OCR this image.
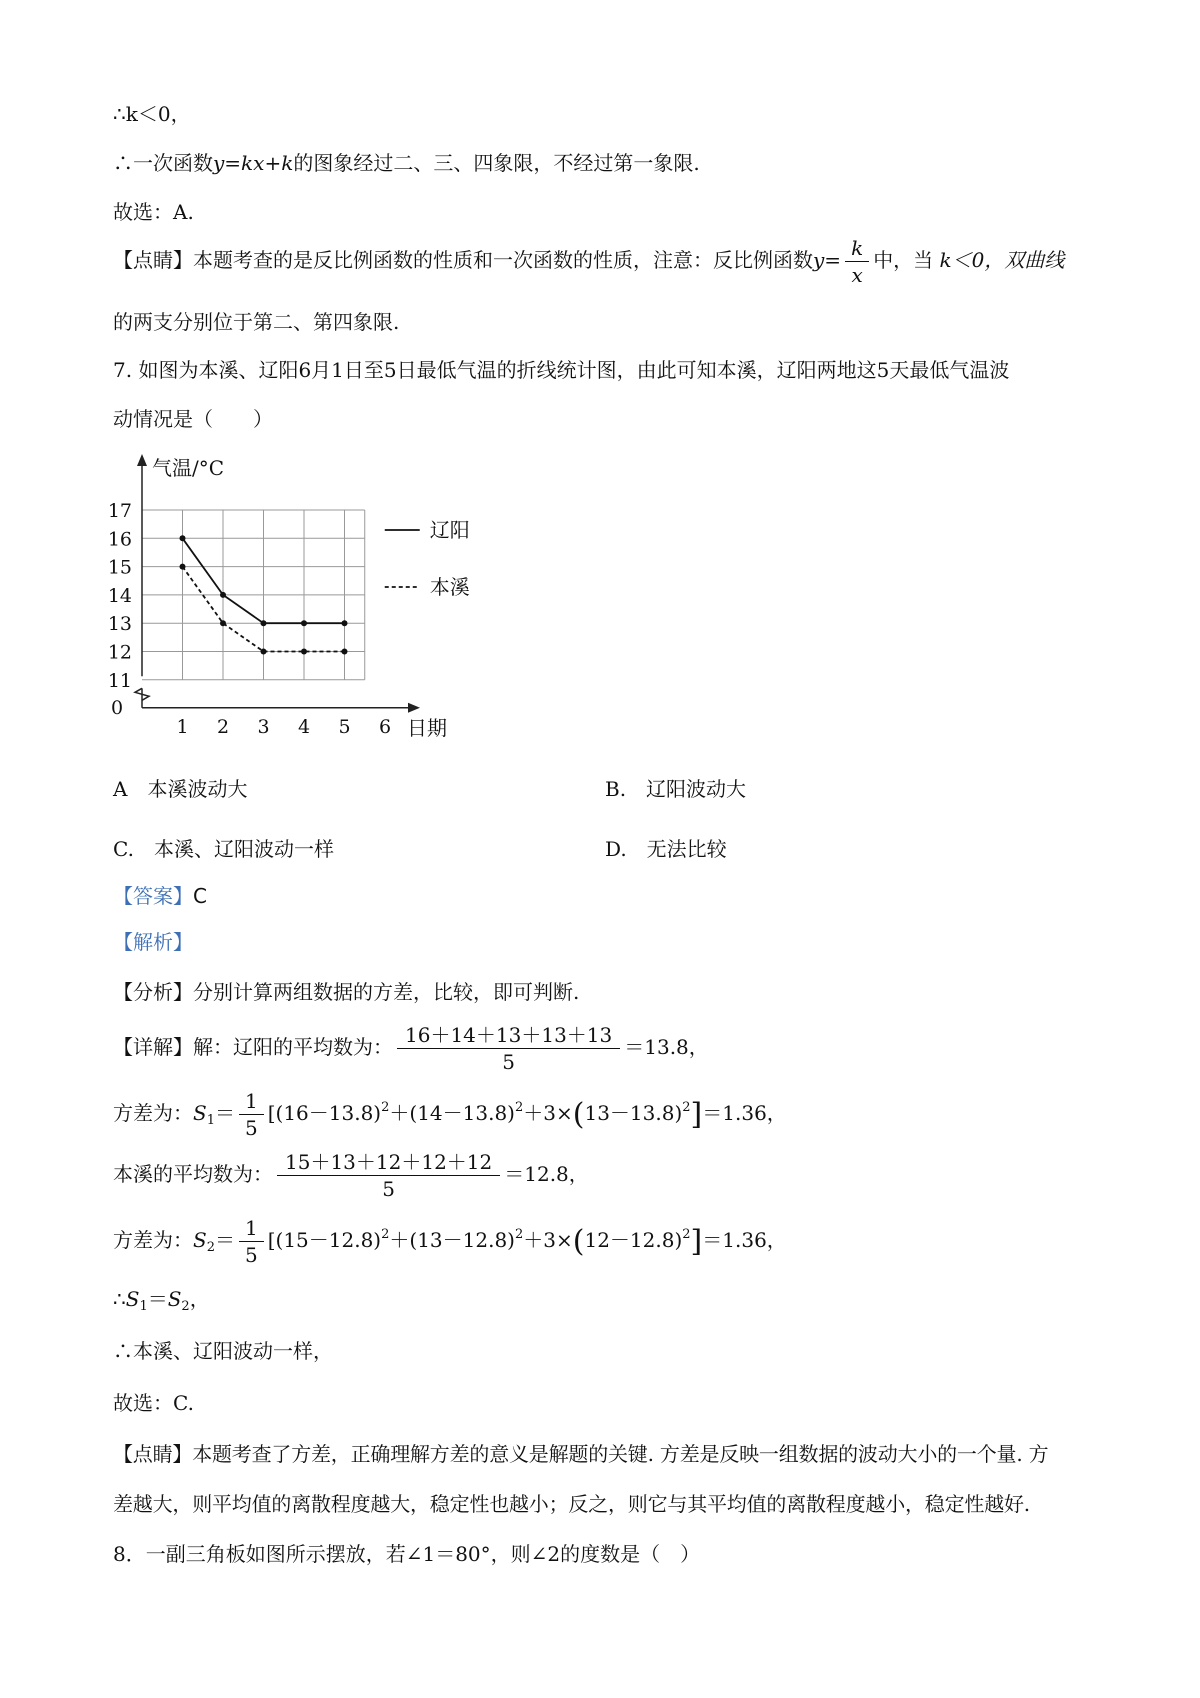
∴k＜0，
∴一次函数y=kx+k的图象经过二、三、四象限，不经过第一象限.
故选：A.
【点睛】本题考查的是反比例函数的性质和一次函数的性质，注意：反比例函数$y= \frac{k}{x}$ 中，当 k＜0，双曲线
的两支分别位于第二、第四象限.
7. 如图为本溪、辽阳6月1日至5日最低气温的折线统计图，由此可知本溪，辽阳两地这5天最低气温波
动情况是（　　）
气温/°C
日期
11
12
13
14
15
16
17
0
1 2 3 4 5 6
辽阳
本溪
A　本溪波动大	B.　辽阳波动大
C.　本溪、辽阳波动一样	D.　无法比较
【答案】C
【解析】
【分析】分别计算两组数据的方差，比较，即可判断.
【详解】解：辽阳的平均数为： $\frac{16+14+13+13+13}{5} =13.8$，
方差为：$S_1= \frac{1}{5} [(16-13.8)^2+(14-13.8)^2+3\times(13-13.8)^2]=1.36$，
本溪的平均数为： $\frac{15+13+12+12+12}{5} =12.8$，
方差为：$S_2= \frac{1}{5} [(15-12.8)^2+(13-12.8)^2+3\times(12-12.8)^2]=1.36$，
$\therefore S_1=S_2$，
∴本溪、辽阳波动一样，
故选：C.
【点睛】本题考查了方差，正确理解方差的意义是解题的关键. 方差是反映一组数据的波动大小的一个量. 方
差越大，则平均值的离散程度越大，稳定性也越小；反之，则它与其平均值的离散程度越小，稳定性越好.
8．一副三角板如图所示摆放，若∠1＝80°，则∠2的度数是（　）
